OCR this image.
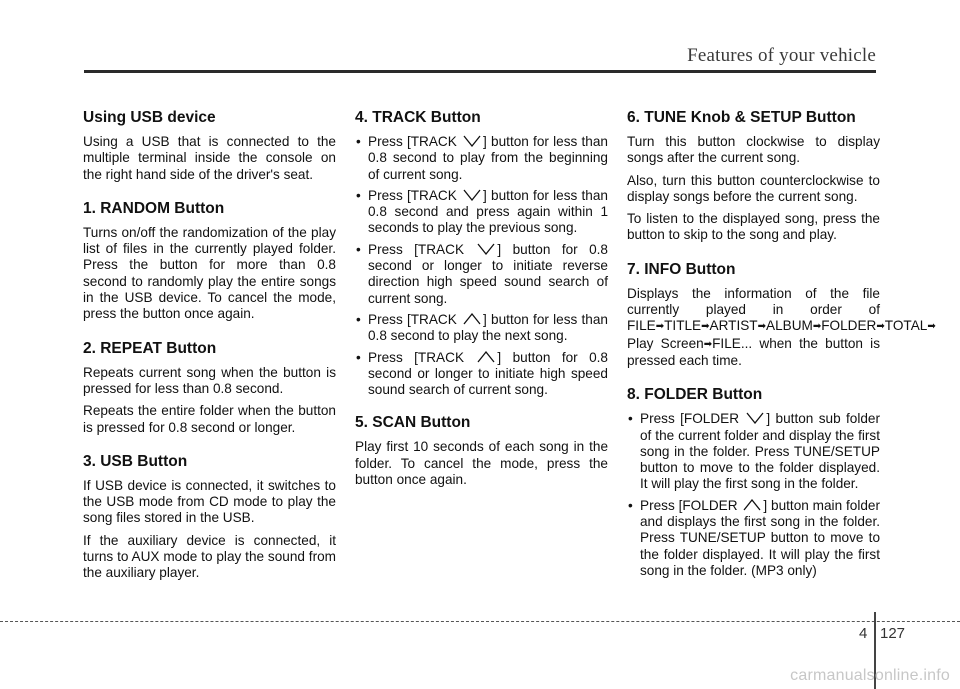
Features of your vehicle
Using USB device

Using a USB that is connected to the multiple terminal inside the console on the right hand side of the driver's seat.

1. RANDOM Button

Turns on/off the randomization of the play list of files in the currently played folder. Press the button for more than 0.8 second to randomly play the entire songs in the USB device. To cancel the mode, press the button once again.

2. REPEAT Button

Repeats current song when the button is pressed for less than 0.8 second.

Repeats the entire folder when the button is pressed for 0.8 second or longer.

3. USB Button

If USB device is connected, it switches to the USB mode from CD mode to play the song files stored in the USB.

If the auxiliary device is connected, it turns to AUX mode to play the sound from the auxiliary player.

4. TRACK Button
• Press [TRACK
] button for less than 0.8 second to play from the beginning of current song.
• Press [TRACK
] button for less than 0.8 second and press again within 1 seconds to play the previous song.
• Press [TRACK
] button for 0.8 second or longer to initiate reverse direction high speed sound search of current song.
• Press [TRACK
] button for less than 0.8 second to play the next song.
• Press [TRACK
] button for 0.8 second or longer to initiate high speed sound search of current song.
5. SCAN Button

Play first 10 seconds of each song in the folder. To cancel the mode, press the button once again.

6. TUNE Knob & SETUP Button

Turn this button clockwise to display songs after the current song.

Also, turn this button counterclockwise to display songs before the current song.

To listen to the displayed song, press the button to skip to the song and play.

7. INFO Button

Displays the information of the file currently played in order of FILE➡TITLE➡ARTIST➡ALBUM➡FOLDER➡TOTAL➡ Play Screen➡FILE... when the button is pressed each time.

8. FOLDER Button
• Press [FOLDER
] button sub folder of the current folder and display the first song in the folder. Press TUNE/SETUP button to move to the folder displayed. It will play the first song in the folder.
• Press [FOLDER
] button main folder and displays the first song in the folder. Press TUNE/SETUP button to move to the folder displayed. It will play the first song in the folder. (MP3 only)
4 127
carmanualsonline.info
